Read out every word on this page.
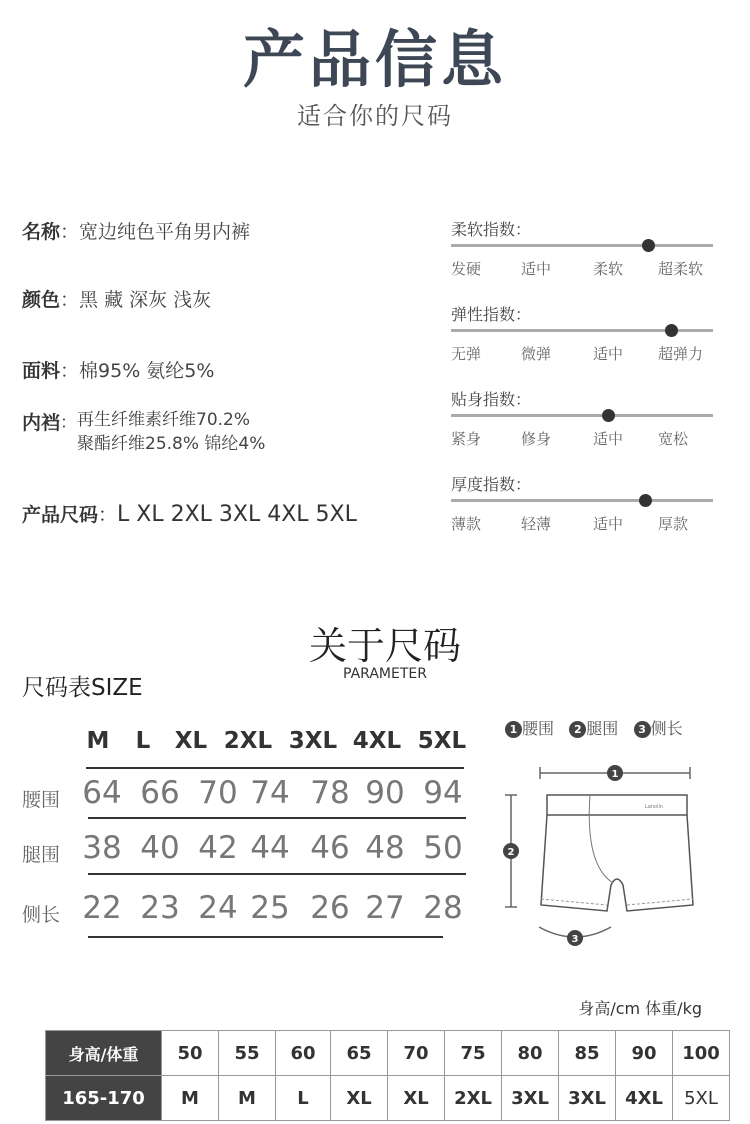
产品信息
适合你的尺码
名称：宽边纯色平角男内裤
颜色：黑 藏 深灰 浅灰
面料：棉95% 氨纶5%
内裆 ： 再生纤维素纤维70.2%
聚酯纤维25.8% 锦纶4%
产品尺码：L XL 2XL 3XL 4XL 5XL
柔软指数：
发硬	适中	柔软 超柔软
弹性指数：
无弹	微弹	适中 超弹力
贴身指数：
紧身	修身	适中 宽松
厚度指数：
薄款	轻薄	适中 厚款
关于尺码
PARAMETER
尺码表SIZE
M	L	XL 2XL 3XL 4XL 5XL
腰围 64 66 70 74 78 90 94
腿围 38 40 42 44 46 48 50
侧长 22 23 24 25 26 27 28
1 腰围 2 腿围 3 侧长
1
2
Lanolin
3
身高/cm 体重/kg
身高/体重	50	55	60	65	70	75	80	85	90	100
165-170	M	M	L	XL	XL	2XL	3XL	3XL	4XL	5XL
